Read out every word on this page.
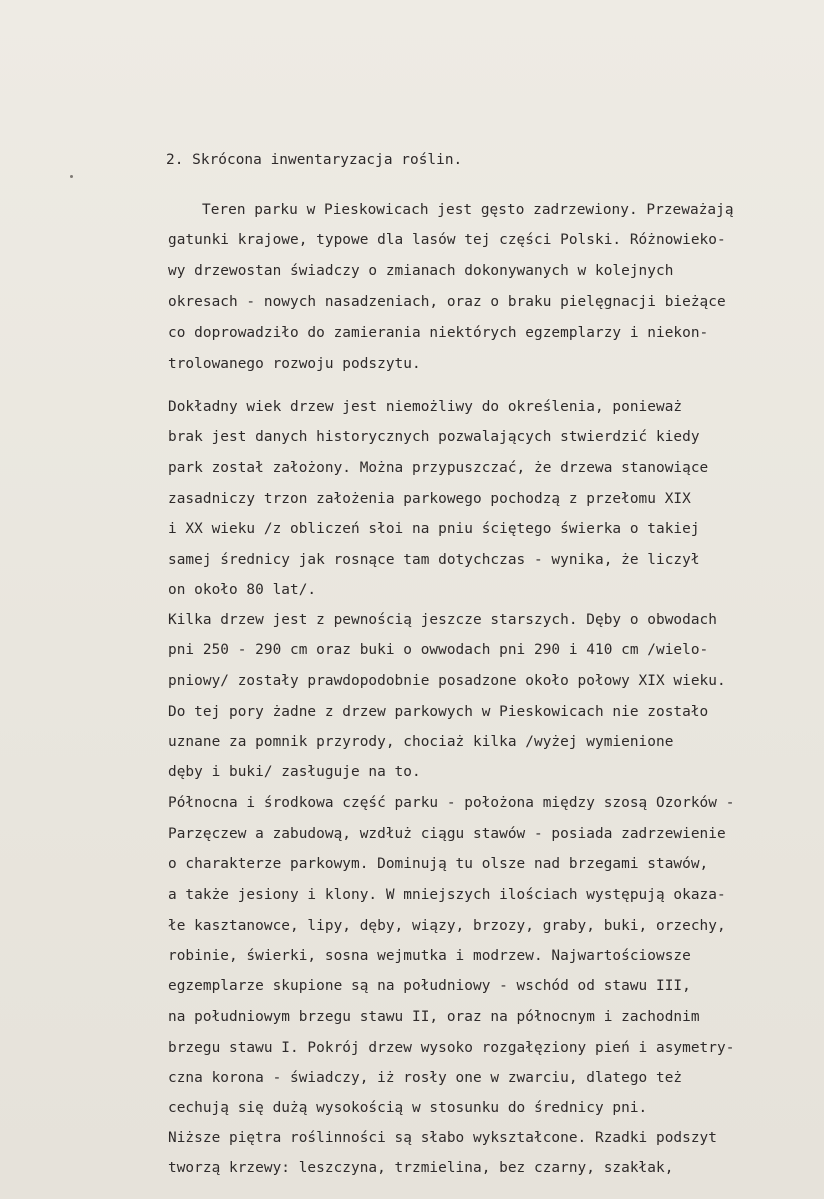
2. Skrócona inwentaryzacja roślin.
Teren parku w Pieskowicach jest gęsto zadrzewiony. Przeważają
gatunki krajowe, typowe dla lasów tej części Polski. Różnowieko-
wy drzewostan świadczy o zmianach dokonywanych w kolejnych
okresach - nowych nasadzeniach, oraz o braku pielęgnacji bieżące
co doprowadziło do zamierania niektórych egzemplarzy i niekon-
trolowanego rozwoju podszytu.
Dokładny wiek drzew jest niemożliwy do określenia, ponieważ
brak jest danych historycznych pozwalających stwierdzić kiedy
park został założony. Można przypuszczać, że drzewa stanowiące
zasadniczy trzon założenia parkowego pochodzą z przełomu XIX
i XX wieku /z obliczeń słoi na pniu ściętego świerka o takiej
samej średnicy jak rosnące tam dotychczas - wynika, że liczył
on około 80 lat/.
Kilka drzew jest z pewnością jeszcze starszych. Dęby o obwodach
pni 250 - 290 cm oraz buki o owwodach pni 290 i 410 cm /wielo-
pniowy/ zostały prawdopodobnie posadzone około połowy XIX wieku.
Do tej pory żadne z drzew parkowych w Pieskowicach nie zostało
uznane za pomnik przyrody, chociaż kilka /wyżej wymienione
dęby i buki/ zasługuje na to.
Północna i środkowa część parku - położona między szosą Ozorków -
Parzęczew a zabudową, wzdłuż ciągu stawów - posiada zadrzewienie
o charakterze parkowym. Dominują tu olsze nad brzegami stawów,
a także jesiony i klony. W mniejszych ilościach występują okaza-
łe kasztanowce, lipy, dęby, wiązy, brzozy, graby, buki, orzechy,
robinie, świerki, sosna wejmutka i modrzew. Najwartościowsze
egzemplarze skupione są na południowy - wschód od stawu III,
na południowym brzegu stawu II, oraz na północnym i zachodnim
brzegu stawu I. Pokrój drzew wysoko rozgałęziony pień i asymetry-
czna korona - świadczy, iż rosły one w zwarciu, dlatego też
cechują się dużą wysokością w stosunku do średnicy pni.
Niższe piętra roślinności są słabo wykształcone. Rzadki podszyt
tworzą krzewy: leszczyna, trzmielina, bez czarny, szakłak,
